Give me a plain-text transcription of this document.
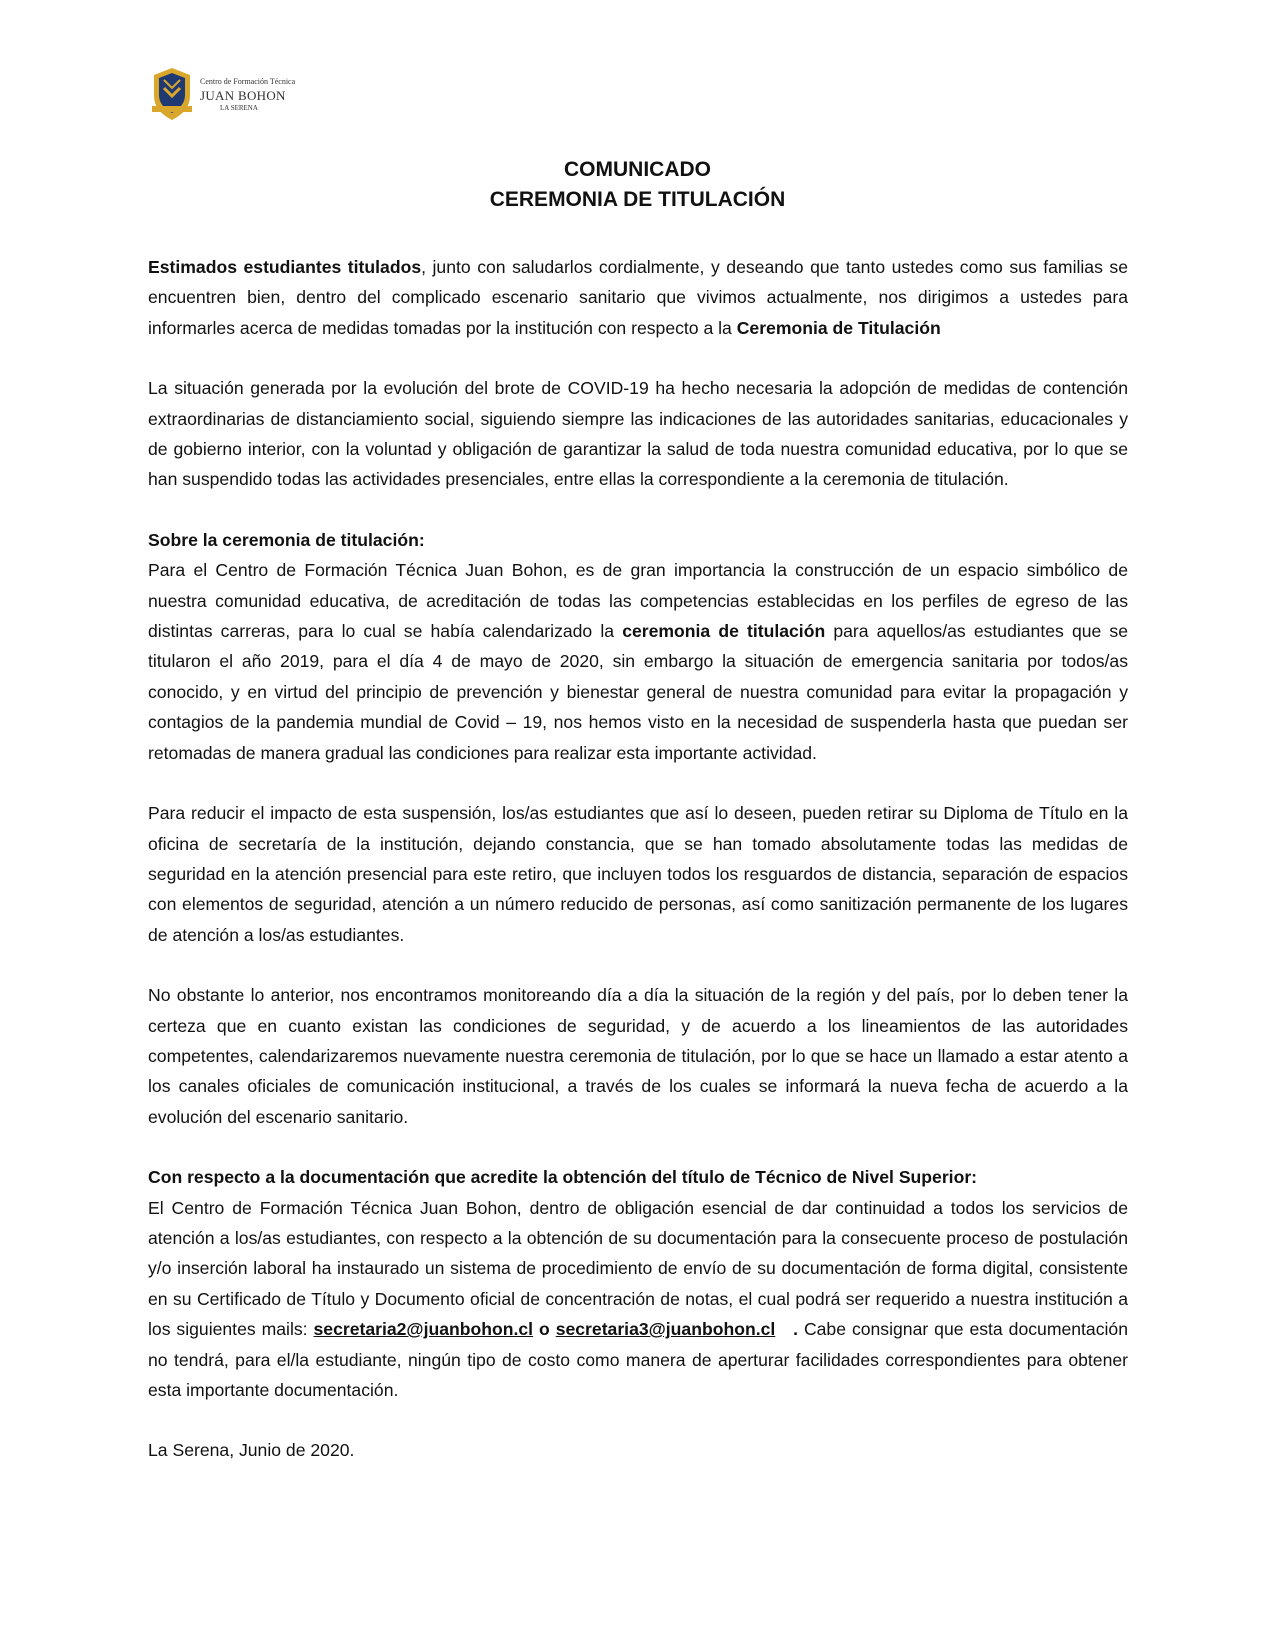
Centro de Formación Técnica
JUAN BOHON
LA SERENA
COMUNICADO
CEREMONIA DE TITULACIÓN

Estimados estudiantes titulados, junto con saludarlos cordialmente, y deseando que tanto ustedes como sus familias se encuentren bien, dentro del complicado escenario sanitario que vivimos actualmente, nos dirigimos a ustedes para informarles acerca de medidas tomadas por la institución con respecto a la Ceremonia de Titulación

La situación generada por la evolución del brote de COVID-19 ha hecho necesaria la adopción de medidas de contención extraordinarias de distanciamiento social, siguiendo siempre las indicaciones de las autoridades sanitarias, educacionales y de gobierno interior, con la voluntad y obligación de garantizar la salud de toda nuestra comunidad educativa, por lo que se han suspendido todas las actividades presenciales, entre ellas la correspondiente a la ceremonia de titulación.

Sobre la ceremonia de titulación:

Para el Centro de Formación Técnica Juan Bohon, es de gran importancia la construcción de un espacio simbólico de nuestra comunidad educativa, de acreditación de todas las competencias establecidas en los perfiles de egreso de las distintas carreras, para lo cual se había calendarizado la ceremonia de titulación para aquellos/as estudiantes que se titularon el año 2019, para el día 4 de mayo de 2020, sin embargo la situación de emergencia sanitaria por todos/as conocido, y en virtud del principio de prevención y bienestar general de nuestra comunidad para evitar la propagación y contagios de la pandemia mundial de Covid – 19, nos hemos visto en la necesidad de suspenderla hasta que puedan ser retomadas de manera gradual las condiciones para realizar esta importante actividad.

Para reducir el impacto de esta suspensión, los/as estudiantes que así lo deseen, pueden retirar su Diploma de Título en la oficina de secretaría de la institución, dejando constancia, que se han tomado absolutamente todas las medidas de seguridad en la atención presencial para este retiro, que incluyen todos los resguardos de distancia, separación de espacios con elementos de seguridad, atención a un número reducido de personas, así como sanitización permanente de los lugares de atención a los/as estudiantes.

No obstante lo anterior, nos encontramos monitoreando día a día la situación de la región y del país, por lo deben tener la certeza que en cuanto existan las condiciones de seguridad, y de acuerdo a los lineamientos de las autoridades competentes, calendarizaremos nuevamente nuestra ceremonia de titulación, por lo que se hace un llamado a estar atento a los canales oficiales de comunicación institucional, a través de los cuales se informará la nueva fecha de acuerdo a la evolución del escenario sanitario.

Con respecto a la documentación que acredite la obtención del título de Técnico de Nivel Superior:

El Centro de Formación Técnica Juan Bohon, dentro de obligación esencial de dar continuidad a todos los servicios de atención a los/as estudiantes, con respecto a la obtención de su documentación para la consecuente proceso de postulación y/o inserción laboral ha instaurado un sistema de procedimiento de envío de su documentación de forma digital, consistente en su Certificado de Título y Documento oficial de concentración de notas, el cual podrá ser requerido a nuestra institución a los siguientes mails: secretaria2@juanbohon.cl o secretaria3@juanbohon.cl   . Cabe consignar que esta documentación no tendrá, para el/la estudiante, ningún tipo de costo como manera de aperturar facilidades correspondientes para obtener esta importante documentación.

La Serena, Junio de 2020.
